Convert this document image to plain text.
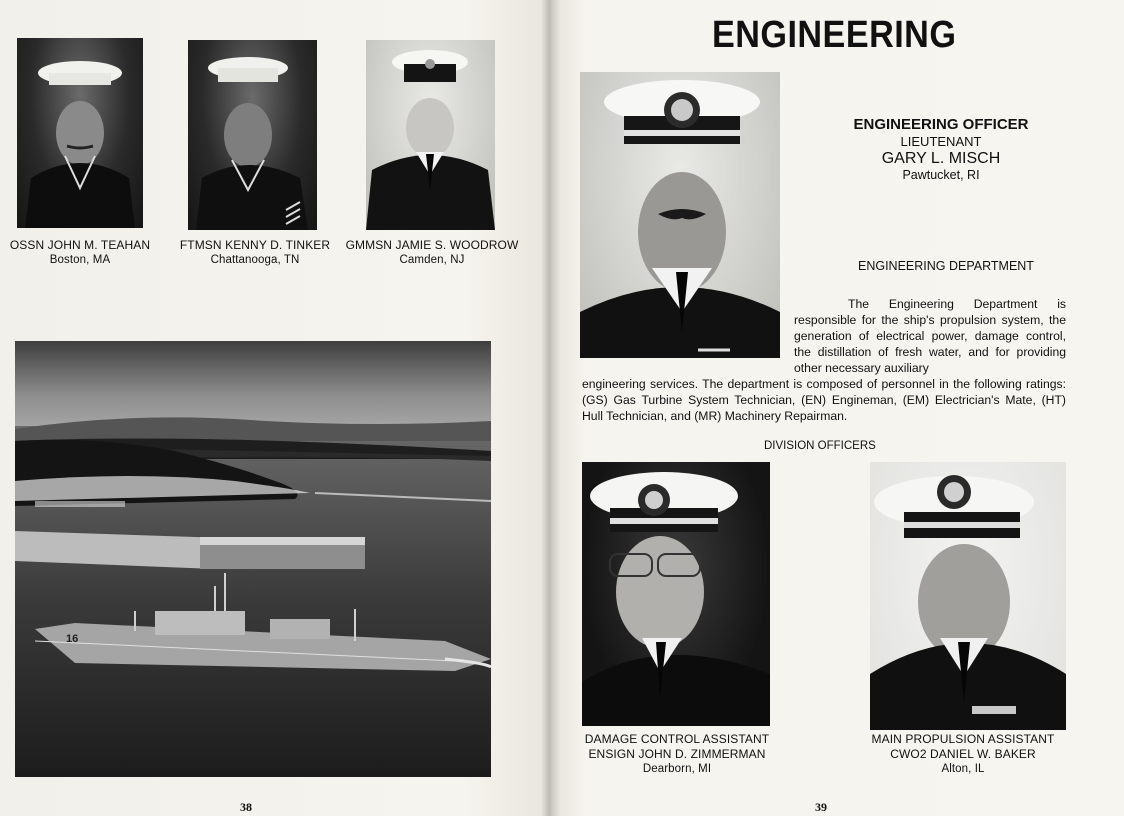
OSSN JOHN M. TEAHAN
Boston, MA
FTMSN KENNY D. TINKER
Chattanooga, TN
GMMSN JAMIE S. WOODROW
Camden, NJ
16
38
ENGINEERING
ENGINEERING OFFICER
LIEUTENANT
GARY L. MISCH
Pawtucket, RI
ENGINEERING DEPARTMENT
The Engineering Department is responsible for the ship's propulsion system, the generation of electrical power, damage control, the distillation of fresh water, and for providing other necessary auxiliary
engineering services. The department is composed of personnel in the following ratings: (GS) Gas Turbine System Technician, (EN) Engineman, (EM) Electrician's Mate, (HT) Hull Technician, and (MR) Machinery Repairman.
DIVISION OFFICERS
DAMAGE CONTROL ASSISTANT
ENSIGN JOHN D. ZIMMERMAN
Dearborn, MI
MAIN PROPULSION ASSISTANT
CWO2 DANIEL W. BAKER
Alton, IL
39
